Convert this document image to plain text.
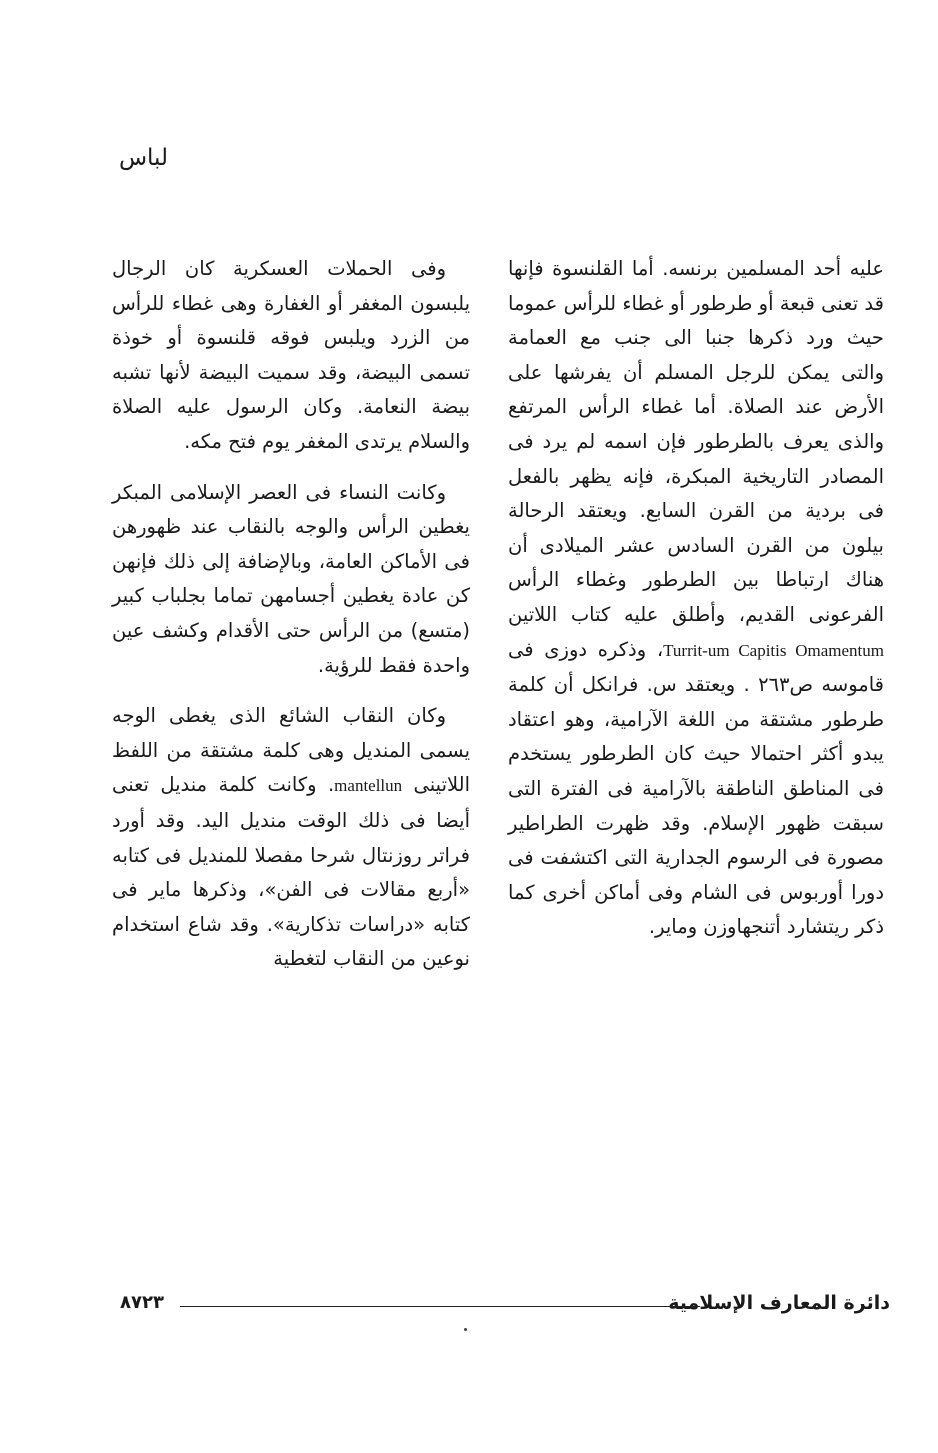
لباس

عليه أحد المسلمين برنسه. أما القلنسوة فإنها قد تعنى قبعة أو طرطور أو غطاء للرأس عموما حيث ورد ذكرها جنبا الى جنب مع العمامة والتى يمكن للرجل المسلم أن يفرشها على الأرض عند الصلاة. أما غطاء الرأس المرتفع والذى يعرف بالطرطور فإن اسمه لم يرد فى المصادر التاريخية المبكرة، فإنه يظهر بالفعل فى بردية من القرن السابع. ويعتقد الرحالة بيلون من القرن السادس عشر الميلادى أن هناك ارتباطا بين الطرطور وغطاء الرأس الفرعونى القديم، وأطلق عليه كتاب اللاتين Turrit-um Capitis Omamentum، وذكره دوزى فى قاموسه ص٢٦٣ . ويعتقد س. فرانكل أن كلمة طرطور مشتقة من اللغة الآرامية، وهو اعتقاد يبدو أكثر احتمالا حيث كان الطرطور يستخدم فى المناطق الناطقة بالآرامية فى الفترة التى سبقت ظهور الإسلام. وقد ظهرت الطراطير مصورة فى الرسوم الجدارية التى اكتشفت فى دورا أوربوس فى الشام وفى أماكن أخرى كما ذكر ريتشارد أتنجهاوزن وماير.

وفى الحملات العسكرية كان الرجال يلبسون المغفر أو الغفارة وهى غطاء للرأس من الزرد ويلبس فوقه قلنسوة أو خوذة تسمى البيضة، وقد سميت البيضة لأنها تشبه بيضة النعامة. وكان الرسول عليه الصلاة والسلام يرتدى المغفر يوم فتح مكه.

وكانت النساء فى العصر الإسلامى المبكر يغطين الرأس والوجه بالنقاب عند ظهورهن فى الأماكن العامة، وبالإضافة إلى ذلك فإنهن كن عادة يغطين أجسامهن تماما بجلباب كبير (متسع) من الرأس حتى الأقدام وكشف عين واحدة فقط للرؤية.

وكان النقاب الشائع الذى يغطى الوجه يسمى المنديل وهى كلمة مشتقة من اللفظ اللاتينى mantellun. وكانت كلمة منديل تعنى أيضا فى ذلك الوقت منديل اليد. وقد أورد فراتر روزنتال شرحا مفصلا للمنديل فى كتابه «أربع مقالات فى الفن»، وذكرها ماير فى كتابه «دراسات تذكارية». وقد شاع استخدام نوعين من النقاب لتغطية

دائرة المعارف الإسلامية
٨٧٢٣
